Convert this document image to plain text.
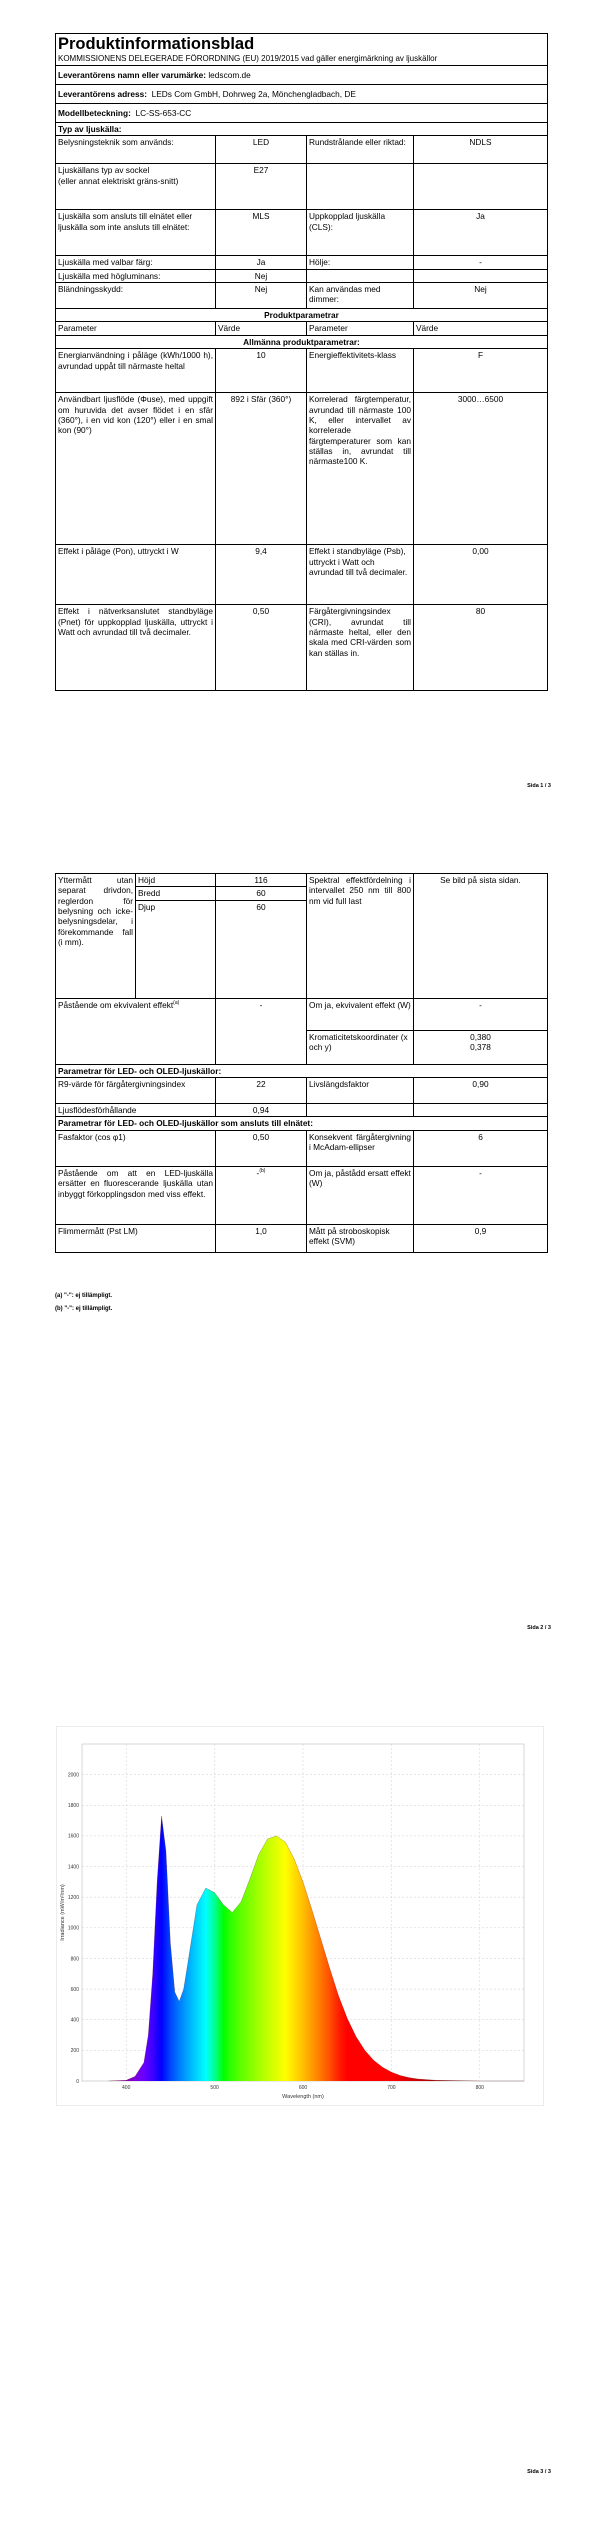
Produktinformationsblad
KOMMISSIONENS DELEGERADE FÖRORDNING (EU) 2019/2015 vad gäller energimärkning av ljuskällor			

Leverantörens namn eller varumärke: ledscom.de			
Leverantörens adress: LEDs Com GmbH, Dohrweg 2a, Mönchengladbach, DE			
Modellbeteckning: LC-SS-653-CC			
Typ av ljuskälla:			
Belysningsteknik som används:	LED	Rundstrålande eller riktad:	NDLS

Ljuskällans typ av sockel
(eller annat elektriskt gräns-snitt)	E27		
Ljuskälla som ansluts till elnätet eller ljuskälla som inte ansluts till elnätet:	MLS	Uppkopplad ljuskälla (CLS):	Ja
Ljuskälla med valbar färg:	Ja	Hölje:	-
Ljuskälla med högluminans:	Nej		
Bländningsskydd:	Nej	Kan användas med dimmer:	Nej
Produktparametrar			
Parameter	Värde	Parameter	Värde
Allmänna produktparametrar:			
Energianvändning i påläge (kWh/1000 h), avrundad uppåt till närmaste heltal	10	Energieffektivitets-klass	F
Användbart ljusflöde (Φuse), med uppgift om huruvida det avser flödet i en sfär (360°), i en vid kon (120°) eller i en smal kon (90°)	892 i Sfär (360°)	Korrelerad färgtemperatur, avrundad till närmaste 100 K, eller intervallet av korrelerade färgtemperaturer som kan ställas in, avrundat till närmaste100 K.	3000…6500
Effekt i påläge (Pon), uttryckt i W	9,4	Effekt i standbyläge (Psb), uttryckt i Watt och avrundad till två decimaler.	0,00
Effekt i nätverksanslutet standbyläge (Pnet) för uppkopplad ljuskälla, uttryckt i Watt och avrundad till två decimaler.	0,50	Färgåtergivningsindex (CRI), avrundat till närmaste heltal, eller den skala med CRI-värden som kan ställas in.	80
Sida 1 / 3
Sida 2 / 3
Yttermått utan separat drivdon, reglerdon för belysning och icke-belysningsdelar, i förekommande fall (i mm).	Höjd	116	Spektral effektfördelning i intervallet 250 nm till 800 nm vid full last	Se bild på sista sidan.
	Bredd	60		
	Djup	60		
Påstående om ekvivalent effekt$^{(a)}$		-	Om ja, ekvivalent effekt (W)	-
			Kromaticitetskoordinater (x och y)	0,380
0,378

Parametrar för LED- och OLED-ljuskällor:				
R9-värde för färgåtergivningsindex		22	Livslängdsfaktor	0,90
Ljusflödesförhållande		0,94		
Parametrar för LED- och OLED-ljuskällor som ansluts till elnätet:				
Fasfaktor (cos φ1)		0,50	Konsekvent färgåtergivning i McAdam-ellipser	6
Påstående om att en LED-ljuskälla ersätter en fluorescerande ljuskälla utan inbyggt förkopplingsdon med viss effekt.		-$^{(b)}$	Om ja, påstådd ersatt effekt (W)	-
Flimmermått (Pst LM)		1,0	Mått på stroboskopisk effekt (SVM)	0,9
(a) "-": ej tillämpligt.
(b) "-": ej tillämpligt.
Sida 3 / 3
0
200
400
600
800
1000
1200
1400
1600
1800
2000
400	500	600	700	800
Wavelength (nm)
Irradiance (mW/m²/nm)
